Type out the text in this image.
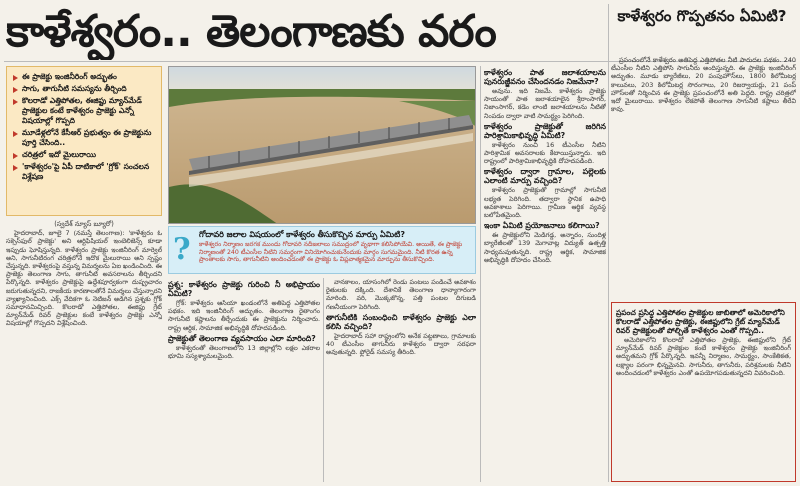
కాళేశ్వరం.. తెలంగాణకు వరం	కాళేశ్వరం గొప్పతనం ఏమిటి?
ఈ ప్రాజెక్టు ఇంజినీరింగ్ అద్భుతం
సాగు, తాగునీటి సమస్యను తీర్చింది
కొలరాడో ఎత్తిపోతల, ఈజిప్టు మ్యాన్‌మేడ్ ప్రాజెక్టుల కంటే కాళేశ్వరం ప్రాజెక్టు ఎన్నో విషయాల్లో గొప్పది
మూడేళ్లలోనే కేసీఆర్ ప్రభుత్వం ఈ ప్రాజెక్టును పూర్తి చేసింది..
చరిత్రలో ఇదో మైలురాయి
'కాళేశ్వరం'పై ఏపీ దాటికాలో 'గ్రోక్' సంచలన విశ్లేషణ
(స్వదేశ్ న్యూస్ బ్యూరో)

హైదరాబాద్, జూలై 7 (నమస్తే తెలంగాణ): 'కాళేశ్వరం ఓ సక్సెస్‌ఫుల్ ప్రాజెక్టు' అని ఆర్టిఫిషియల్ ఇంటెలిజెన్స్ కూడా ఇప్పుడు ఘోషిస్తున్నది. కాళేశ్వరం ప్రాజెక్టు ఇంజినీరింగ్ మార్వెల్ అని, సాగునీటిరంగ చరిత్రలోనే ఇదొక మైలురాయి అని స్పష్టం చేస్తున్నది. కాళేశ్వరంపై వస్తున్న విమర్శలను ఏఐ ఖండించింది. ఈ ప్రాజెక్టు తెలంగాణ సాగు, తాగునీటి అవసరాలను తీర్చిందని పేర్కొన్నది. కాళేశ్వరం ప్రాజెక్టుపై ఉద్దేశపూర్వకంగా దుష్ప్రచారం జరుగుతున్నదని, రాజకీయ కారణాలతోనే విమర్శలు చేస్తున్నారని వ్యాఖ్యానించింది. ఎక్స్ వేదికగా ఓ నెటిజన్ అడిగిన ప్రశ్నకు గ్రోక్ సమాధానమిచ్చింది. కొలరాడో ఎత్తిపోతల, ఈజిప్టు గ్రేట్ మ్యాన్‌మేడ్ రివర్ ప్రాజెక్టుల కంటే కాళేశ్వరం ప్రాజెక్టు ఎన్నో విషయాల్లో గొప్పదని విశ్లేషించింది.

?	గోదావరి జలాల విషయంలో కాళేశ్వరం తీసుకొచ్చిన మార్పు ఏమిటి?
కాళేశ్వరం నిర్మాణం జరగక ముందు గోదావరి నదీజలాలు సముద్రంలో వృథాగా కలిసిపోయేవి. అయితే, ఈ ప్రాజెక్టు నిర్మాణంతో 240 టీఎంసీల నీటిని సమర్థంగా వినియోగించుకునేందుకు మార్గం సుగమమైంది. నీటి కొరత ఉన్న ప్రాంతాలకు సాగు, తాగునీటిని అందించడంతో ఈ ప్రాజెక్టు ఓ విప్లవాత్మకమైన మార్పును తీసుకొచ్చింది.
ప్రశ్న: కాళేశ్వరం ప్రాజెక్టు గురించి నీ అభిప్రాయం ఏమిటి?

గ్రోక్: కాళేశ్వరం ఆసియా ఖండంలోనే అతిపెద్ద ఎత్తిపోతల పథకం. ఇది ఇంజినీరింగ్ అద్భుతం. తెలంగాణ రైతాంగం సాగునీటి కష్టాలను తీర్చేందుకు ఈ ప్రాజెక్టును నిర్మించారు. రాష్ట్ర ఆర్థిక, సామాజిక అభివృద్ధికి దోహదపడింది.

ప్రాజెక్టుతో తెలంగాణ వ్యవసాయం ఎలా మారింది?

కాళేశ్వరంతో తెలంగాణలోని 13 జిల్లాల్లోని లక్షల ఎకరాల భూమి సస్యశ్యామలమైంది.

వానకాలం, యాసంగిలో రెండు పంటలు పండించే అవకాశం రైతులకు దక్కింది. దేశానికే తెలంగాణ ధాన్యాగారంగా మారింది. వరి, మొక్కజొన్న, పత్తి పంటల దిగుబడి గణనీయంగా పెరిగింది.

తాగునీటికి సంబంధించి కాళేశ్వరం ప్రాజెక్టు ఎలా కలిసి వచ్చింది?

హైదరాబాద్ సహా రాష్ట్రంలోని అనేక పట్టణాలు, గ్రామాలకు 40 టీఎంసీల తాగునీరు కాళేశ్వరం ద్వారా సరఫరా అవుతున్నది. ఫ్లోరైడ్ సమస్య తీరింది.

కాళేశ్వరం పాత జలాశయాలను పునరుజ్జీవనం చేసిందనడం నిజమేనా?

అవును. ఇది నిజమే. కాళేశ్వరం ప్రాజెక్టు సాయంతో పాత జలాశయాలైన శ్రీరాంసాగర్, నిజాంసాగర్, కడెం లాంటి జలాశయాలను నీటితో నింపడం ద్వారా వాటి సామర్థ్యం పెరిగింది.

కాళేశ్వరం ప్రాజెక్టుతో జరిగిన పారిశ్రామికాభివృద్ధి ఏమిటి?

కాళేశ్వరం నుంచి 16 టీఎంసీల నీటిని పారిశ్రామిక అవసరాలకు కేటాయిస్తున్నారు. ఇది రాష్ట్రంలో పారిశ్రామికాభివృద్ధికి దోహదపడింది.

కాళేశ్వరం ద్వారా గ్రామాల, పల్లెలకు ఎలాంటి మార్పు వచ్చింది?

కాళేశ్వరం ప్రాజెక్టుతో గ్రామాల్లో సాగునీటి లభ్యత పెరిగింది. తద్వారా స్థానిక ఉపాధి అవకాశాలు పెరిగాయి. గ్రామీణ ఆర్థిక వ్యవస్థ బలోపేతమైంది.

ఇంకా ఏమిటి ప్రయోజనాలు కలిగాయి?

ఈ ప్రాజెక్టులోని మెడిగడ్డ, అన్నారం, సుందిళ్ల బ్యారేజీలతో 139 మెగావాట్ల విద్యుత్ ఉత్పత్తి సాధ్యమవుతున్నది. రాష్ట్ర ఆర్థిక, సామాజిక అభివృద్ధికి దోహదం చేసింది.

ప్రపంచంలోనే కాళేశ్వరం అతిపెద్ద ఎత్తిపోతల నీటి పారుదల పథకం. 240 టీఎంసీల నీటిని ఎత్తిపోసి సాగునీరు అందిస్తున్నది. ఈ ప్రాజెక్టు ఇంజినీరింగ్ అద్భుతం. మూడు బ్యారేజీలు, 20 పంపుహౌస్‌లు, 1800 కిలోమీటర్ల కాలువలు, 203 కిలోమీటర్ల సొరంగాలు, 20 రిజర్వాయర్లు, 21 పంప్ హౌస్‌లతో నిర్మించిన ఈ ప్రాజెక్టు ప్రపంచంలోనే అతి పెద్దది. రాష్ట్ర చరిత్రలో ఇదో మైలురాయి. కాళేశ్వరం లేకపోతే తెలంగాణ సాగునీటి కష్టాలు తీరేవి కావు.

ప్రపంచ ప్రసిద్ధ ఎత్తిపోతల ప్రాజెక్టుల జాబితాలో అమెరికాలోని కొలరాడో ఎత్తిపోతల ప్రాజెక్టు, ఈజిప్టులోని గ్రేట్ మ్యాన్‌మేడ్ రివర్ ప్రాజెక్టులతో పోల్చితే కాళేశ్వరం ఎంతో గొప్పది..

అమెరికాలోని కొలరాడో ఎత్తిపోతల ప్రాజెక్టు, ఈజిప్టులోని గ్రేట్ మ్యాన్‌మేడ్ రివర్ ప్రాజెక్టుల కంటే కాళేశ్వరం ప్రాజెక్టు ఇంజినీరింగ్ అద్భుతమని గ్రోక్ పేర్కొన్నది. ఇవన్నీ నిర్మాణం, సామర్థ్యం, సాంకేతికత, లక్ష్యాల పరంగా భిన్నమైనవి. సాగునీరు, తాగునీరు, పరిశ్రమలకు నీటిని అందించడంలో కాళేశ్వరం ఎంతో ఉపయోగపడుతున్నదని వివరించింది.
